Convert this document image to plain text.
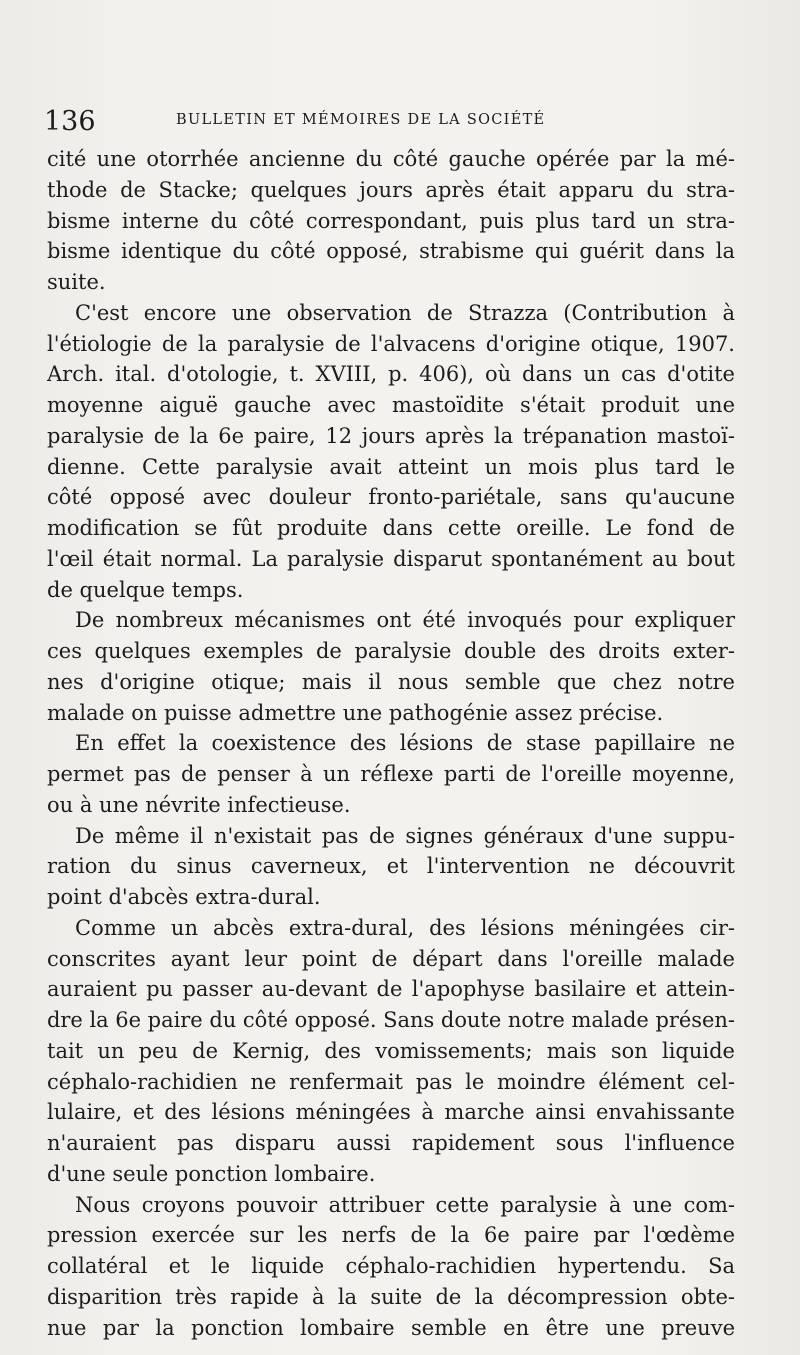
136	BULLETIN ET MÉMOIRES DE LA SOCIÉTÉ
cité une otorrhée ancienne du côté gauche opérée par la mé-
thode de Stacke; quelques jours après était apparu du stra-
bisme interne du côté correspondant, puis plus tard un stra-
bisme identique du côté opposé, strabisme qui guérit dans la
suite.
C'est encore une observation de Strazza (Contribution à
l'étiologie de la paralysie de l'alvacens d'origine otique, 1907.
Arch. ital. d'otologie, t. XVIII, p. 406), où dans un cas d'otite
moyenne aiguë gauche avec mastoïdite s'était produit une
paralysie de la 6e paire, 12 jours après la trépanation mastoï-
dienne. Cette paralysie avait atteint un mois plus tard le
côté opposé avec douleur fronto-pariétale, sans qu'aucune
modification se fût produite dans cette oreille. Le fond de
l'œil était normal. La paralysie disparut spontanément au bout
de quelque temps.
De nombreux mécanismes ont été invoqués pour expliquer
ces quelques exemples de paralysie double des droits exter-
nes d'origine otique; mais il nous semble que chez notre
malade on puisse admettre une pathogénie assez précise.
En effet la coexistence des lésions de stase papillaire ne
permet pas de penser à un réflexe parti de l'oreille moyenne,
ou à une névrite infectieuse.
De même il n'existait pas de signes généraux d'une suppu-
ration du sinus caverneux, et l'intervention ne découvrit
point d'abcès extra-dural.
Comme un abcès extra-dural, des lésions méningées cir-
conscrites ayant leur point de départ dans l'oreille malade
auraient pu passer au-devant de l'apophyse basilaire et attein-
dre la 6e paire du côté opposé. Sans doute notre malade présen-
tait un peu de Kernig, des vomissements; mais son liquide
céphalo-rachidien ne renfermait pas le moindre élément cel-
lulaire, et des lésions méningées à marche ainsi envahissante
n'auraient pas disparu aussi rapidement sous l'influence
d'une seule ponction lombaire.
Nous croyons pouvoir attribuer cette paralysie à une com-
pression exercée sur les nerfs de la 6e paire par l'œdème
collatéral et le liquide céphalo-rachidien hypertendu. Sa
disparition très rapide à la suite de la décompression obte-
nue par la ponction lombaire semble en être une preuve
